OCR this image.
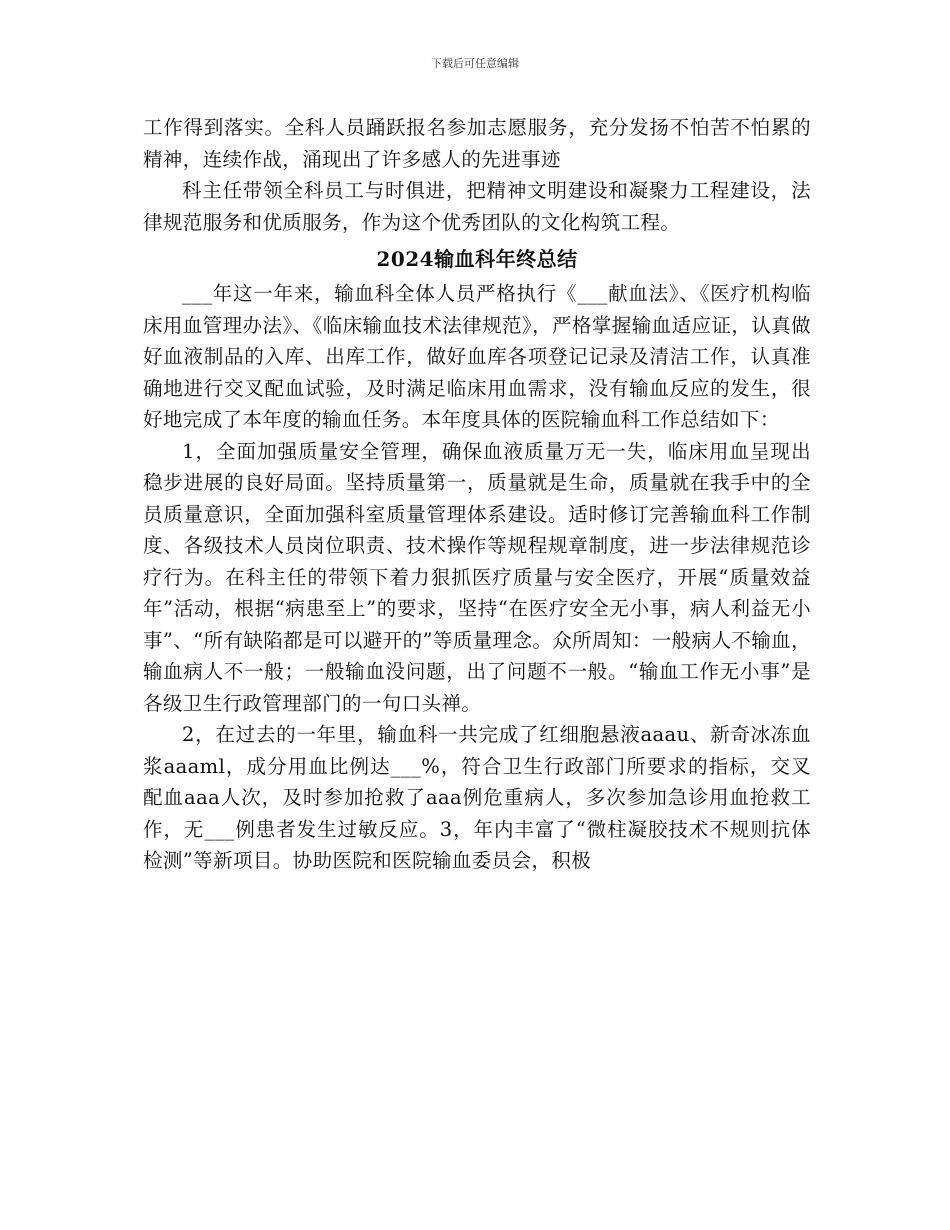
下载后可任意编辑

工作得到落实。全科人员踊跃报名参加志愿服务，充分发扬不怕苦不怕累的精神，连续作战，涌现出了许多感人的先进事迹

科主任带领全科员工与时俱进，把精神文明建设和凝聚力工程建设，法律规范服务和优质服务，作为这个优秀团队的文化构筑工程。

2024输血科年终总结

___年这一年来，输血科全体人员严格执行《___献血法》、《医疗机构临床用血管理办法》、《临床输血技术法律规范》，严格掌握输血适应证，认真做好血液制品的入库、出库工作，做好血库各项登记记录及清洁工作，认真准确地进行交叉配血试验，及时满足临床用血需求，没有输血反应的发生，很好地完成了本年度的输血任务。本年度具体的医院输血科工作总结如下：

1，全面加强质量安全管理，确保血液质量万无一失，临床用血呈现出稳步进展的良好局面。坚持质量第一，质量就是生命，质量就在我手中的全员质量意识，全面加强科室质量管理体系建设。适时修订完善输血科工作制度、各级技术人员岗位职责、技术操作等规程规章制度，进一步法律规范诊疗行为。在科主任的带领下着力狠抓医疗质量与安全医疗，开展“质量效益年”活动，根据“病患至上”的要求，坚持“在医疗安全无小事，病人利益无小事”、“所有缺陷都是可以避开的”等质量理念。众所周知：一般病人不输血，输血病人不一般；一般输血没问题，出了问题不一般。“输血工作无小事”是各级卫生行政管理部门的一句口头禅。

2，在过去的一年里，输血科一共完成了红细胞悬液aaau、新奇冰冻血浆aaaml，成分用血比例达___%，符合卫生行政部门所要求的指标，交叉配血aaa人次，及时参加抢救了aaa例危重病人，多次参加急诊用血抢救工作，无___例患者发生过敏反应。3，年内丰富了“微柱凝胶技术不规则抗体检测”等新项目。协助医院和医院输血委员会，积极
